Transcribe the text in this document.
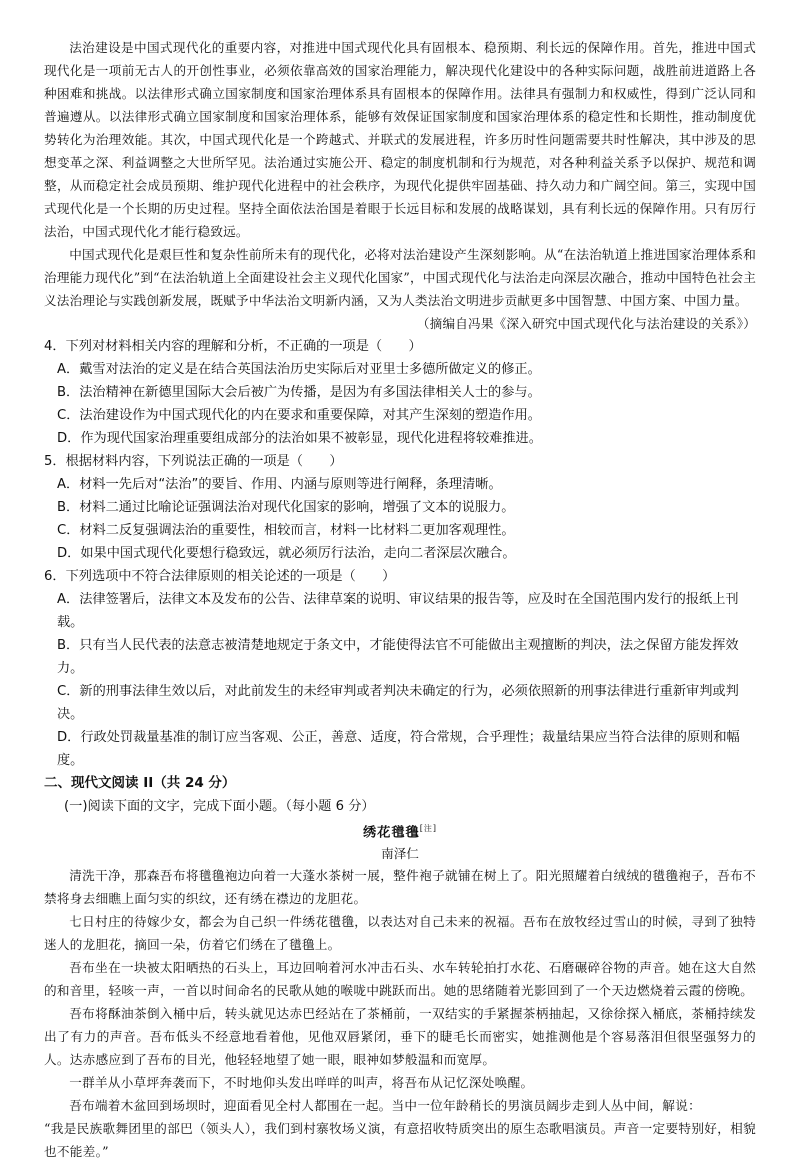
法治建设是中国式现代化的重要内容，对推进中国式现代化具有固根本、稳预期、利长远的保障作用。首先，推进中国式现代化是一项前无古人的开创性事业，必须依靠高效的国家治理能力，解决现代化建设中的各种实际问题，战胜前进道路上各种困难和挑战。以法律形式确立国家制度和国家治理体系具有固根本的保障作用。法律具有强制力和权威性，得到广泛认同和普遍遵从。以法律形式确立国家制度和国家治理体系，能够有效保证国家制度和国家治理体系的稳定性和长期性，推动制度优势转化为治理效能。其次，中国式现代化是一个跨越式、并联式的发展进程，许多历时性问题需要共时性解决，其中涉及的思想变革之深、利益调整之大世所罕见。法治通过实施公开、稳定的制度机制和行为规范，对各种利益关系予以保护、规范和调整，从而稳定社会成员预期、维护现代化进程中的社会秩序，为现代化提供牢固基础、持久动力和广阔空间。第三，实现中国式现代化是一个长期的历史过程。坚持全面依法治国是着眼于长远目标和发展的战略谋划，具有利长远的保障作用。只有厉行法治，中国式现代化才能行稳致远。

中国式现代化是艰巨性和复杂性前所未有的现代化，必将对法治建设产生深刻影响。从“在法治轨道上推进国家治理体系和治理能力现代化”到“在法治轨道上全面建设社会主义现代化国家”，中国式现代化与法治走向深层次融合，推动中国特色社会主义法治理论与实践创新发展，既赋予中华法治文明新内涵，又为人类法治文明进步贡献更多中国智慧、中国方案、中国力量。
（摘编自冯果《深入研究中国式现代化与法治建设的关系》）

4．下列对材料相关内容的理解和分析，不正确的一项是（　　）

A．戴雪对法治的定义是在结合英国法治历史实际后对亚里士多德所做定义的修正。

B．法治精神在新德里国际大会后被广为传播，是因为有多国法律相关人士的参与。

C．法治建设作为中国式现代化的内在要求和重要保障，对其产生深刻的塑造作用。

D．作为现代国家治理重要组成部分的法治如果不被彰显，现代化进程将较难推进。

5．根据材料内容，下列说法正确的一项是（　　）

A．材料一先后对“法治”的要旨、作用、内涵与原则等进行阐释，条理清晰。

B．材料二通过比喻论证强调法治对现代化国家的影响，增强了文本的说服力。

C．材料二反复强调法治的重要性，相较而言，材料一比材料二更加客观理性。

D．如果中国式现代化要想行稳致远，就必须厉行法治，走向二者深层次融合。

6．下列选项中不符合法律原则的相关论述的一项是（　　）

A．法律签署后，法律文本及发布的公告、法律草案的说明、审议结果的报告等，应及时在全国范围内发行的报纸上刊载。

B．只有当人民代表的法意志被清楚地规定于条文中，才能使得法官不可能做出主观擅断的判决，法之保留方能发挥效力。

C．新的刑事法律生效以后，对此前发生的未经审判或者判决未确定的行为，必须依照新的刑事法律进行重新审判或判决。

D．行政处罚裁量基准的制订应当客观、公正，善意、适度，符合常规，合乎理性；裁量结果应当符合法律的原则和幅度。

二、现代文阅读 II（共 24 分）

(一)阅读下面的文字，完成下面小题。（每小题 6 分）

绣花氆氇[注]

南泽仁

清洗干净，那森吾布将氆氇袍边向着一大蓬水茶树一展，整件袍子就铺在树上了。阳光照耀着白绒绒的氆氇袍子，吾布不禁将身去细瞧上面匀实的织纹，还有绣在襟边的龙胆花。

七日村庄的待嫁少女，都会为自己织一件绣花氆氇，以表达对自己未来的祝福。吾布在放牧经过雪山的时候，寻到了独特迷人的龙胆花，摘回一朵，仿着它们绣在了氆氇上。

吾布坐在一块被太阳晒热的石头上，耳边回响着河水冲击石头、水车转轮拍打水花、石磨碾碎谷物的声音。她在这大自然的和音里，轻咳一声，一首以时间命名的民歌从她的喉咙中跳跃而出。她的思绪随着光影回到了一个天边燃烧着云霞的傍晚。

吾布将酥油茶倒入桶中后，转头就见达赤巴经站在了茶桶前，一双结实的手紧握茶柄抽起，又徐徐探入桶底，茶桶持续发出了有力的声音。吾布低头不经意地看着他，见他双唇紧闭，垂下的睫毛长而密实，她推测他是个容易落泪但很坚强努力的人。达赤感应到了吾布的目光，他轻轻地望了她一眼，眼神如梦般温和而宽厚。

一群羊从小草坪奔袭而下，不时地仰头发出咩咩的叫声，将吾布从记忆深处唤醒。

吾布端着木盆回到场坝时，迎面看见全村人都围在一起。当中一位年龄稍长的男演员阔步走到人丛中间，解说：

“我是民族歌舞团里的部巴（领头人），我们到村寨牧场义演，有意招收特质突出的原生态歌唱演员。声音一定要特别好，相貌也不能差。”
